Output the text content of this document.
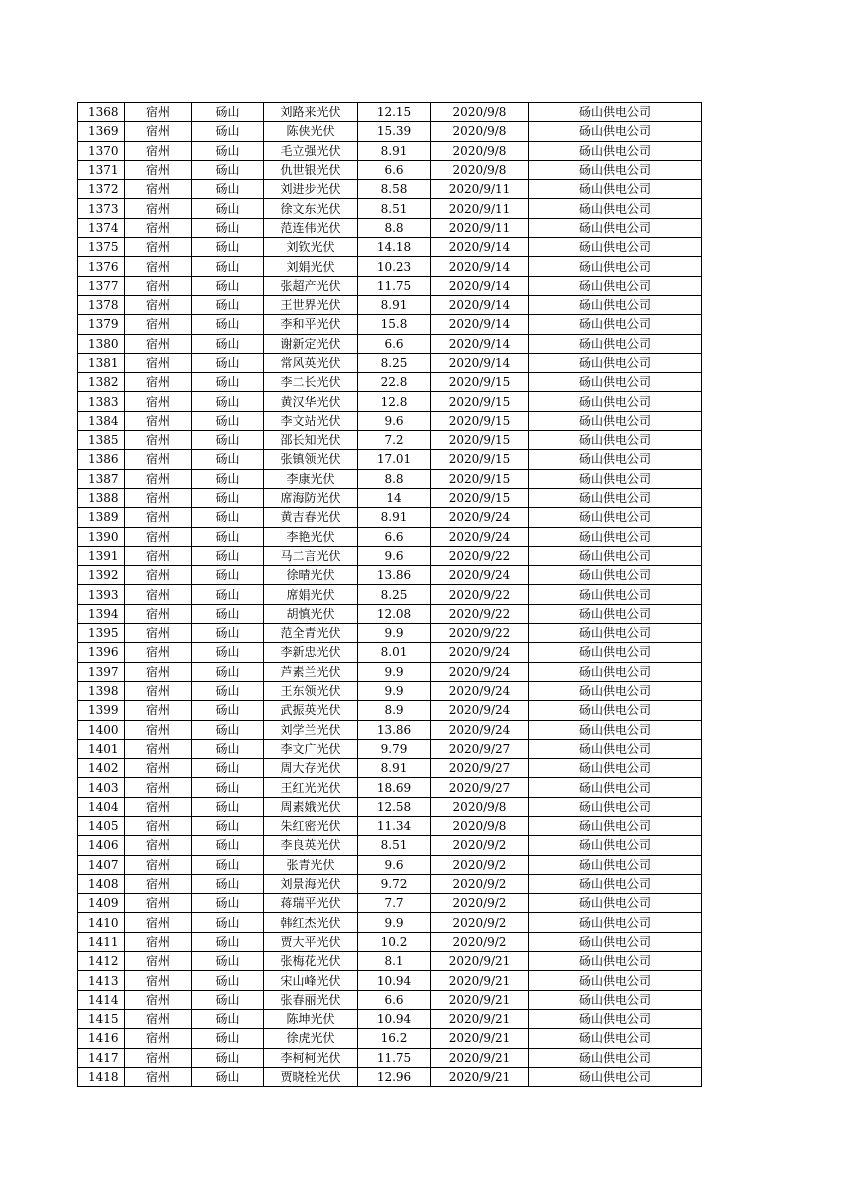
1368	宿州	砀山	刘路来光伏	12.15	2020/9/8	砀山供电公司
1369	宿州	砀山	陈侠光伏	15.39	2020/9/8	砀山供电公司
1370	宿州	砀山	毛立强光伏	8.91	2020/9/8	砀山供电公司
1371	宿州	砀山	仇世银光伏	6.6	2020/9/8	砀山供电公司
1372	宿州	砀山	刘进步光伏	8.58	2020/9/11	砀山供电公司
1373	宿州	砀山	徐文东光伏	8.51	2020/9/11	砀山供电公司
1374	宿州	砀山	范连伟光伏	8.8	2020/9/11	砀山供电公司
1375	宿州	砀山	刘钦光伏	14.18	2020/9/14	砀山供电公司
1376	宿州	砀山	刘娟光伏	10.23	2020/9/14	砀山供电公司
1377	宿州	砀山	张超产光伏	11.75	2020/9/14	砀山供电公司
1378	宿州	砀山	王世界光伏	8.91	2020/9/14	砀山供电公司
1379	宿州	砀山	李和平光伏	15.8	2020/9/14	砀山供电公司
1380	宿州	砀山	谢新定光伏	6.6	2020/9/14	砀山供电公司
1381	宿州	砀山	常风英光伏	8.25	2020/9/14	砀山供电公司
1382	宿州	砀山	李二长光伏	22.8	2020/9/15	砀山供电公司
1383	宿州	砀山	黄汉华光伏	12.8	2020/9/15	砀山供电公司
1384	宿州	砀山	李文站光伏	9.6	2020/9/15	砀山供电公司
1385	宿州	砀山	邵长知光伏	7.2	2020/9/15	砀山供电公司
1386	宿州	砀山	张镇领光伏	17.01	2020/9/15	砀山供电公司
1387	宿州	砀山	李康光伏	8.8	2020/9/15	砀山供电公司
1388	宿州	砀山	席海防光伏	14	2020/9/15	砀山供电公司
1389	宿州	砀山	黄吉春光伏	8.91	2020/9/24	砀山供电公司
1390	宿州	砀山	李艳光伏	6.6	2020/9/24	砀山供电公司
1391	宿州	砀山	马二言光伏	9.6	2020/9/22	砀山供电公司
1392	宿州	砀山	徐晴光伏	13.86	2020/9/24	砀山供电公司
1393	宿州	砀山	席娟光伏	8.25	2020/9/22	砀山供电公司
1394	宿州	砀山	胡慎光伏	12.08	2020/9/22	砀山供电公司
1395	宿州	砀山	范全青光伏	9.9	2020/9/22	砀山供电公司
1396	宿州	砀山	李新忠光伏	8.01	2020/9/24	砀山供电公司
1397	宿州	砀山	芦素兰光伏	9.9	2020/9/24	砀山供电公司
1398	宿州	砀山	王东领光伏	9.9	2020/9/24	砀山供电公司
1399	宿州	砀山	武振英光伏	8.9	2020/9/24	砀山供电公司
1400	宿州	砀山	刘学兰光伏	13.86	2020/9/24	砀山供电公司
1401	宿州	砀山	李文广光伏	9.79	2020/9/27	砀山供电公司
1402	宿州	砀山	周大存光伏	8.91	2020/9/27	砀山供电公司
1403	宿州	砀山	王红光光伏	18.69	2020/9/27	砀山供电公司
1404	宿州	砀山	周素娥光伏	12.58	2020/9/8	砀山供电公司
1405	宿州	砀山	朱红密光伏	11.34	2020/9/8	砀山供电公司
1406	宿州	砀山	李良英光伏	8.51	2020/9/2	砀山供电公司
1407	宿州	砀山	张青光伏	9.6	2020/9/2	砀山供电公司
1408	宿州	砀山	刘景海光伏	9.72	2020/9/2	砀山供电公司
1409	宿州	砀山	蒋瑞平光伏	7.7	2020/9/2	砀山供电公司
1410	宿州	砀山	韩红杰光伏	9.9	2020/9/2	砀山供电公司
1411	宿州	砀山	贾大平光伏	10.2	2020/9/2	砀山供电公司
1412	宿州	砀山	张梅花光伏	8.1	2020/9/21	砀山供电公司
1413	宿州	砀山	宋山峰光伏	10.94	2020/9/21	砀山供电公司
1414	宿州	砀山	张春丽光伏	6.6	2020/9/21	砀山供电公司
1415	宿州	砀山	陈坤光伏	10.94	2020/9/21	砀山供电公司
1416	宿州	砀山	徐虎光伏	16.2	2020/9/21	砀山供电公司
1417	宿州	砀山	李柯柯光伏	11.75	2020/9/21	砀山供电公司
1418	宿州	砀山	贾晓栓光伏	12.96	2020/9/21	砀山供电公司
